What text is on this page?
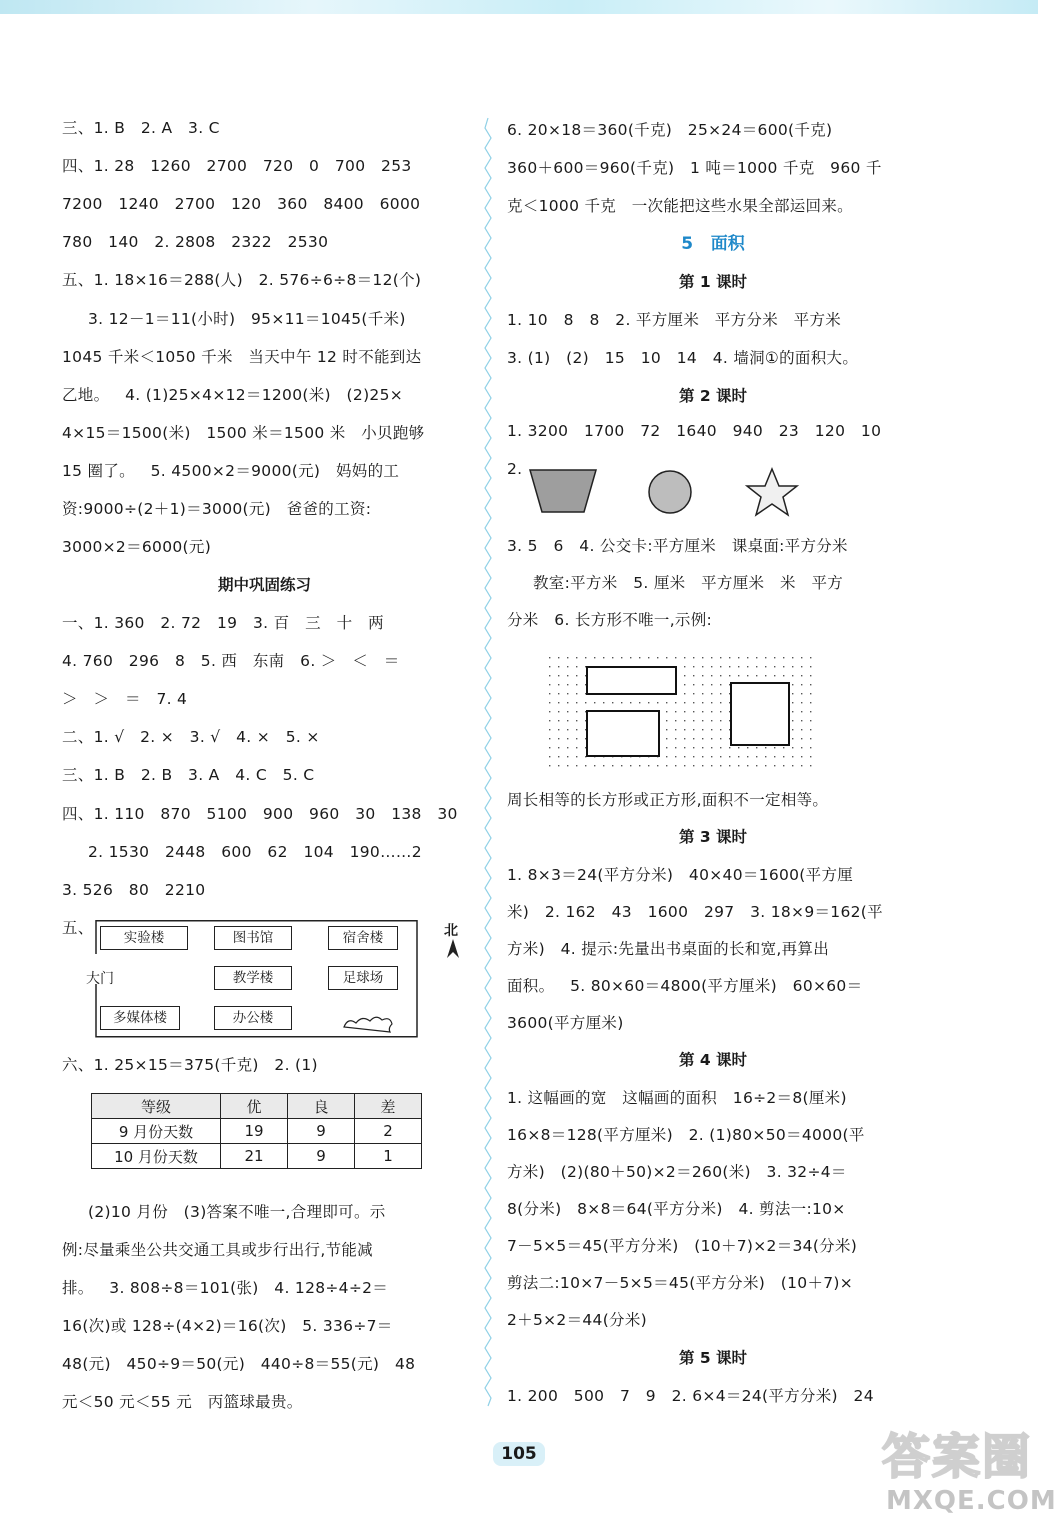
三、1. B   2. A   3. C
四、1. 28   1260   2700   720   0   700   253
7200   1240   2700   120   360   8400   6000
780   140   2. 2808   2322   2530
五、1. 18×16＝288(人)   2. 576÷6÷8＝12(个)
3. 12－1＝11(小时)   95×11＝1045(千米)
1045 千米＜1050 千米   当天中午 12 时不能到达
乙地。   4. (1)25×4×12＝1200(米)   (2)25×
4×15＝1500(米)   1500 米＝1500 米   小贝跑够
15 圈了。   5. 4500×2＝9000(元)   妈妈的工
资:9000÷(2＋1)＝3000(元)   爸爸的工资:
3000×2＝6000(元)
期中巩固练习
一、1. 360   2. 72   19   3. 百   三   十   两
4. 760   296   8   5. 西   东南   6. ＞   ＜   ＝
＞   ＞   ＝   7. 4
二、1. √   2. ×   3. √   4. ×   5. ×
三、1. B   2. B   3. A   4. C   5. C
四、1. 110   870   5100   900   960   30   138   30
2. 1530   2448   600   62   104   190……2
3. 526   80   2210
五、
六、1. 25×15＝375(千克)   2. (1)
(2)10 月份   (3)答案不唯一,合理即可。示
例:尽量乘坐公共交通工具或步行出行,节能减
排。   3. 808÷8＝101(张)   4. 128÷4÷2＝
16(次)或 128÷(4×2)＝16(次)   5. 336÷7＝
48(元)   450÷9＝50(元)   440÷8＝55(元)   48
元＜50 元＜55 元   丙篮球最贵。
实验楼	图书馆	宿舍楼
教学楼	足球场
多媒体楼	办公楼
大门
北
等级	优	良	差
9 月份天数	19	9	2
10 月份天数	21	9	1
6. 20×18＝360(千克)   25×24＝600(千克)
360＋600＝960(千克)   1 吨＝1000 千克   960 千
克＜1000 千克   一次能把这些水果全部运回来。
5   面积
第 1 课时
1. 10   8   8   2. 平方厘米   平方分米   平方米
3. (1)   (2)   15   10   14   4. 墙洞①的面积大。
第 2 课时
1. 3200   1700   72   1640   940   23   120   10
2.
3. 5   6   4. 公交卡:平方厘米   课桌面:平方分米
教室:平方米   5. 厘米   平方厘米   米   平方
分米   6. 长方形不唯一,示例:
周长相等的长方形或正方形,面积不一定相等。
第 3 课时
1. 8×3＝24(平方分米)   40×40＝1600(平方厘
米)   2. 162   43   1600   297   3. 18×9＝162(平
方米)   4. 提示:先量出书桌面的长和宽,再算出
面积。   5. 80×60＝4800(平方厘米)   60×60＝
3600(平方厘米)
第 4 课时
1. 这幅画的宽   这幅画的面积   16÷2＝8(厘米)
16×8＝128(平方厘米)   2. (1)80×50＝4000(平
方米)   (2)(80＋50)×2＝260(米)   3. 32÷4＝
8(分米)   8×8＝64(平方分米)   4. 剪法一:10×
7－5×5＝45(平方分米)   (10＋7)×2＝34(分米)
剪法二:10×7－5×5＝45(平方分米)   (10＋7)×
2＋5×2＝44(分米)
第 5 课时
1. 200   500   7   9   2. 6×4＝24(平方分米)   24
105	答案圈
MXQE.COM
